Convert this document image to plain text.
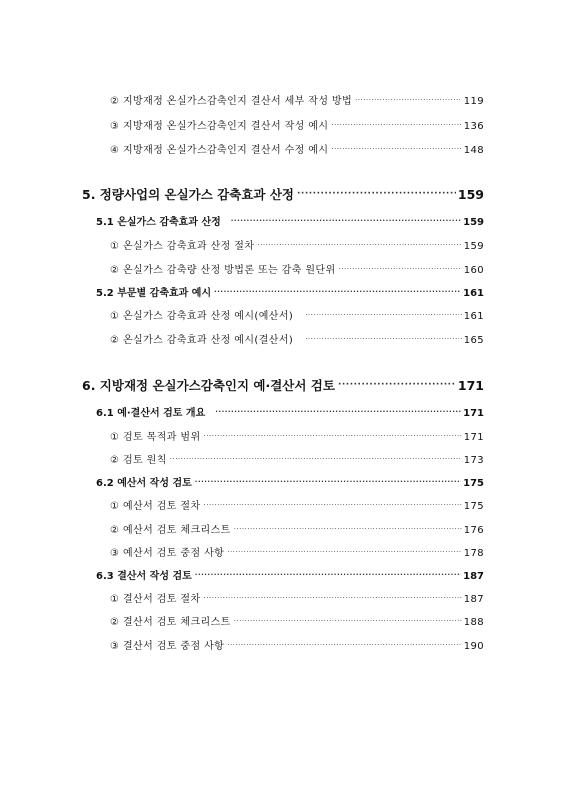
② 지방재정 온실가스감축인지 결산서 세부 작성 방법 ·····	119
③ 지방재정 온실가스감축인지 결산서 작성 예시 ·····	136
④ 지방재정 온실가스감축인지 결산서 수정 예시 ·····	148
5. 정량사업의 온실가스 감축효과 산정 ·····	159
5.1 온실가스 감축효과 산정 ·····	159
① 온실가스 감축효과 산정 절차 ·····	159
② 온실가스 감축량 산정 방법론 또는 감축 원단위 ·····	160
5.2 부문별 감축효과 예시 ·····	161
① 온실가스 감축효과 산정 예시(예산서) ·····	161
② 온실가스 감축효과 산정 예시(결산서) ·····	165
6. 지방재정 온실가스감축인지 예·결산서 검토 ·····	171
6.1 예·결산서 검토 개요 ·····	171
① 검토 목적과 범위 ·····	171
② 검토 원칙 ·····	173
6.2 예산서 작성 검토 ·····	175
① 예산서 검토 절차 ·····	175
② 예산서 검토 체크리스트 ·····	176
③ 예산서 검토 중점 사항 ·····	178
6.3 결산서 작성 검토 ·····	187
① 결산서 검토 절차 ·····	187
② 결산서 검토 체크리스트 ·····	188
③ 결산서 검토 중점 사항 ·····	190
